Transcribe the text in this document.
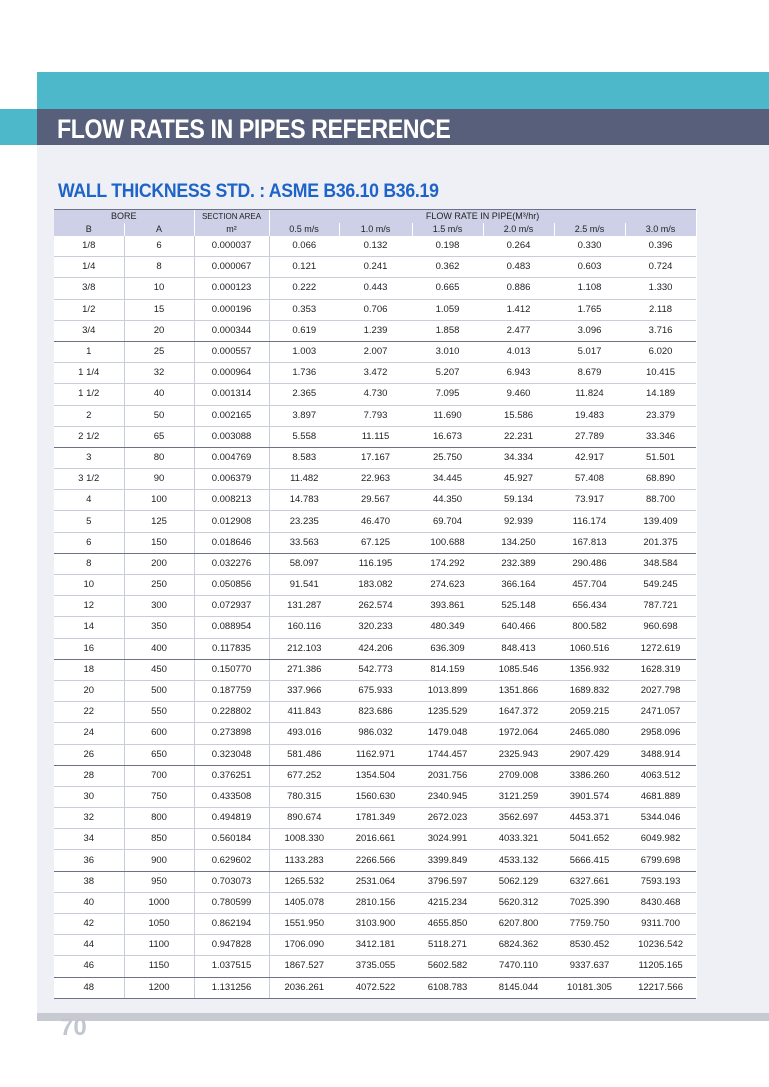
FLOW RATES IN PIPES REFERENCE
70
WALL THICKNESS STD. : ASME B36.10 B36.19
BORE		SECTION AREA	FLOW RATE IN PIPE(M³/hr)					
B	A	m²	0.5 m/s	1.0 m/s	1.5 m/s	2.0 m/s	2.5 m/s	3.0 m/s
1/8	6	0.000037	0.066	0.132	0.198	0.264	0.330	0.396
1/4	8	0.000067	0.121	0.241	0.362	0.483	0.603	0.724
3/8	10	0.000123	0.222	0.443	0.665	0.886	1.108	1.330
1/2	15	0.000196	0.353	0.706	1.059	1.412	1.765	2.118
3/4	20	0.000344	0.619	1.239	1.858	2.477	3.096	3.716
1	25	0.000557	1.003	2.007	3.010	4.013	5.017	6.020
1 1/4	32	0.000964	1.736	3.472	5.207	6.943	8.679	10.415
1 1/2	40	0.001314	2.365	4.730	7.095	9.460	11.824	14.189
2	50	0.002165	3.897	7.793	11.690	15.586	19.483	23.379
2 1/2	65	0.003088	5.558	11.115	16.673	22.231	27.789	33.346
3	80	0.004769	8.583	17.167	25.750	34.334	42.917	51.501
3 1/2	90	0.006379	11.482	22.963	34.445	45.927	57.408	68.890
4	100	0.008213	14.783	29.567	44.350	59.134	73.917	88.700
5	125	0.012908	23.235	46.470	69.704	92.939	116.174	139.409
6	150	0.018646	33.563	67.125	100.688	134.250	167.813	201.375
8	200	0.032276	58.097	116.195	174.292	232.389	290.486	348.584
10	250	0.050856	91.541	183.082	274.623	366.164	457.704	549.245
12	300	0.072937	131.287	262.574	393.861	525.148	656.434	787.721
14	350	0.088954	160.116	320.233	480.349	640.466	800.582	960.698
16	400	0.117835	212.103	424.206	636.309	848.413	1060.516	1272.619
18	450	0.150770	271.386	542.773	814.159	1085.546	1356.932	1628.319
20	500	0.187759	337.966	675.933	1013.899	1351.866	1689.832	2027.798
22	550	0.228802	411.843	823.686	1235.529	1647.372	2059.215	2471.057
24	600	0.273898	493.016	986.032	1479.048	1972.064	2465.080	2958.096
26	650	0.323048	581.486	1162.971	1744.457	2325.943	2907.429	3488.914
28	700	0.376251	677.252	1354.504	2031.756	2709.008	3386.260	4063.512
30	750	0.433508	780.315	1560.630	2340.945	3121.259	3901.574	4681.889
32	800	0.494819	890.674	1781.349	2672.023	3562.697	4453.371	5344.046
34	850	0.560184	1008.330	2016.661	3024.991	4033.321	5041.652	6049.982
36	900	0.629602	1133.283	2266.566	3399.849	4533.132	5666.415	6799.698
38	950	0.703073	1265.532	2531.064	3796.597	5062.129	6327.661	7593.193
40	1000	0.780599	1405.078	2810.156	4215.234	5620.312	7025.390	8430.468
42	1050	0.862194	1551.950	3103.900	4655.850	6207.800	7759.750	9311.700
44	1100	0.947828	1706.090	3412.181	5118.271	6824.362	8530.452	10236.542
46	1150	1.037515	1867.527	3735.055	5602.582	7470.110	9337.637	11205.165
48	1200	1.131256	2036.261	4072.522	6108.783	8145.044	10181.305	12217.566
